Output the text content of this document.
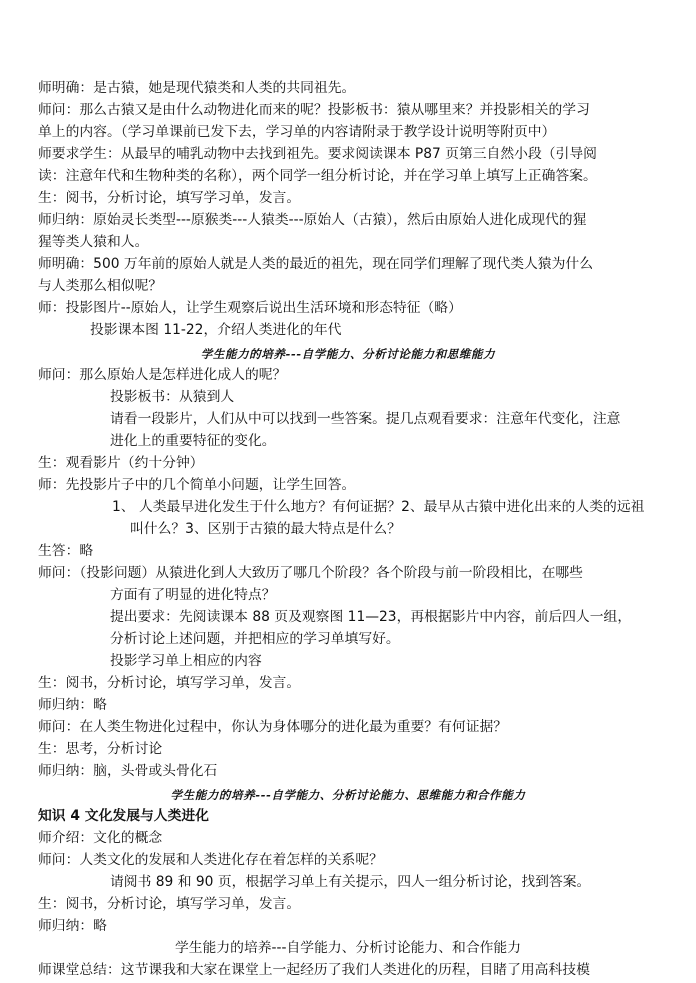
师明确：是古猿，她是现代猿类和人类的共同祖先。
师问：那么古猿又是由什么动物进化而来的呢？投影板书：猿从哪里来？并投影相关的学习
单上的内容。（学习单课前已发下去，学习单的内容请附录于教学设计说明等附页中）
师要求学生：从最早的哺乳动物中去找到祖先。要求阅读课本 P87 页第三自然小段（引导阅
读：注意年代和生物种类的名称），两个同学一组分析讨论，并在学习单上填写上正确答案。
生：阅书，分析讨论，填写学习单，发言。
师归纳：原始灵长类型---原猴类---人猿类---原始人（古猿），然后由原始人进化成现代的猩
猩等类人猿和人。
师明确：500 万年前的原始人就是人类的最近的祖先，现在同学们理解了现代类人猿为什么
与人类那么相似呢？
师：投影图片--原始人，让学生观察后说出生活环境和形态特征（略）
投影课本图 11-22，介绍人类进化的年代
学生能力的培养---自学能力、分析讨论能力和思维能力
师问：那么原始人是怎样进化成人的呢？
投影板书：从猿到人
请看一段影片，人们从中可以找到一些答案。提几点观看要求：注意年代变化，注意
进化上的重要特征的变化。
生：观看影片（约十分钟）
师：先投影片子中的几个简单小问题，让学生回答。
1、 人类最早进化发生于什么地方？有何证据？2、最早从古猿中进化出来的人类的远祖
叫什么？3、区别于古猿的最大特点是什么？
生答：略
师问：（投影问题）从猿进化到人大致历了哪几个阶段？各个阶段与前一阶段相比，在哪些
方面有了明显的进化特点？
提出要求：先阅读课本 88 页及观察图 11—23，再根据影片中内容，前后四人一组，
分析讨论上述问题，并把相应的学习单填写好。
投影学习单上相应的内容
生：阅书，分析讨论，填写学习单，发言。
师归纳：略
师问：在人类生物进化过程中，你认为身体哪分的进化最为重要？有何证据？
生：思考，分析讨论
师归纳：脑，头骨或头骨化石
学生能力的培养---自学能力、分析讨论能力、思维能力和合作能力
知识 4 文化发展与人类进化
师介绍：文化的概念
师问：人类文化的发展和人类进化存在着怎样的关系呢？
请阅书 89 和 90 页，根据学习单上有关提示，四人一组分析讨论，找到答案。
生：阅书，分析讨论，填写学习单，发言。
师归纳：略
学生能力的培养---自学能力、分析讨论能力、和合作能力
师课堂总结：这节课我和大家在课堂上一起经历了我们人类进化的历程，目睹了用高科技模
